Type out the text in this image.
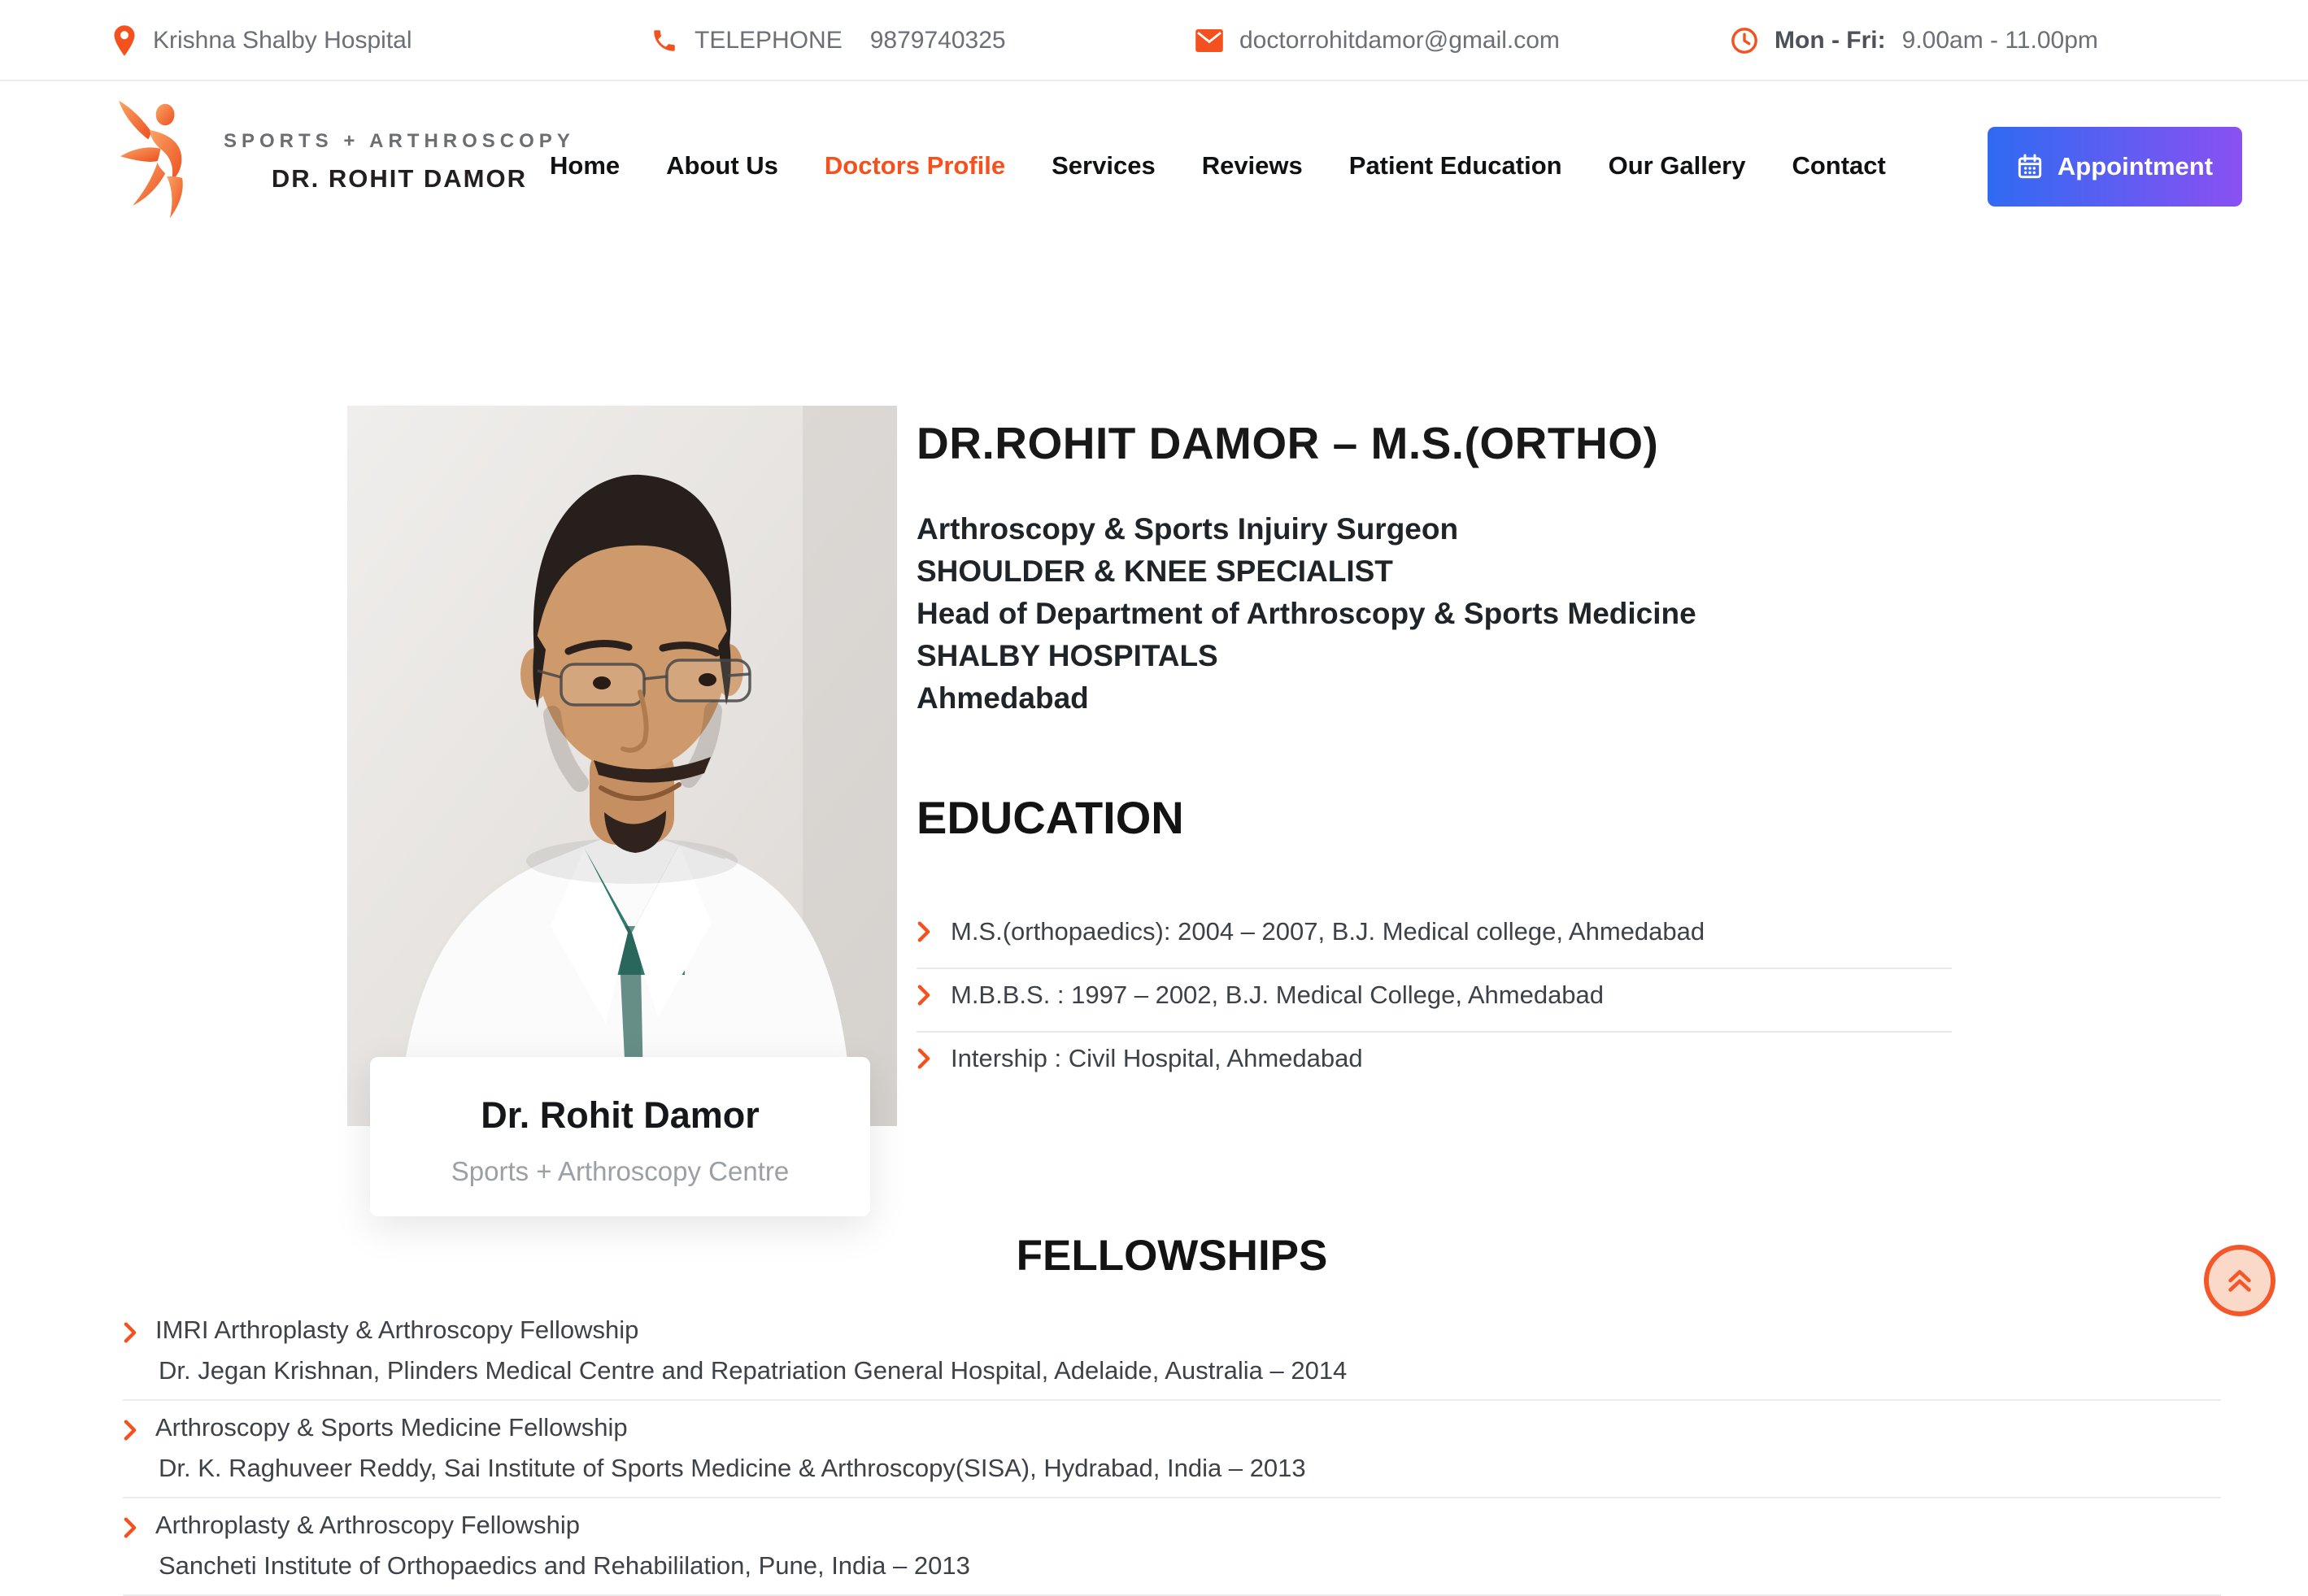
Krishna Shalby Hospital	TELEPHONE 9879740325	doctorrohitdamor@gmail.com	Mon - Fri: 9.00am - 11.00pm
SPORTS + ARTHROSCOPY
DR. ROHIT DAMOR Home About Us Doctors Profile Services Reviews Patient Education Our Gallery Contact	Appointment
Dr. Rohit Damor
Sports + Arthroscopy Centre
DR.ROHIT DAMOR – M.S.(ORTHO)
Arthroscopy & Sports Injuiry Surgeon
SHOULDER & KNEE SPECIALIST
Head of Department of Arthroscopy & Sports Medicine
SHALBY HOSPITALS
Ahmedabad
EDUCATION
M.S.(orthopaedics): 2004 – 2007, B.J. Medical college, Ahmedabad
M.B.B.S. : 1997 – 2002, B.J. Medical College, Ahmedabad
Intership : Civil Hospital, Ahmedabad
FELLOWSHIPS
IMRI Arthroplasty & Arthroscopy Fellowship
Dr. Jegan Krishnan, Plinders Medical Centre and Repatriation General Hospital, Adelaide, Australia – 2014
Arthroscopy & Sports Medicine Fellowship
Dr. K. Raghuveer Reddy, Sai Institute of Sports Medicine & Arthroscopy(SISA), Hydrabad, India – 2013
Arthroplasty & Arthroscopy Fellowship
Sancheti Institute of Orthopaedics and Rehabililation, Pune, India – 2013
